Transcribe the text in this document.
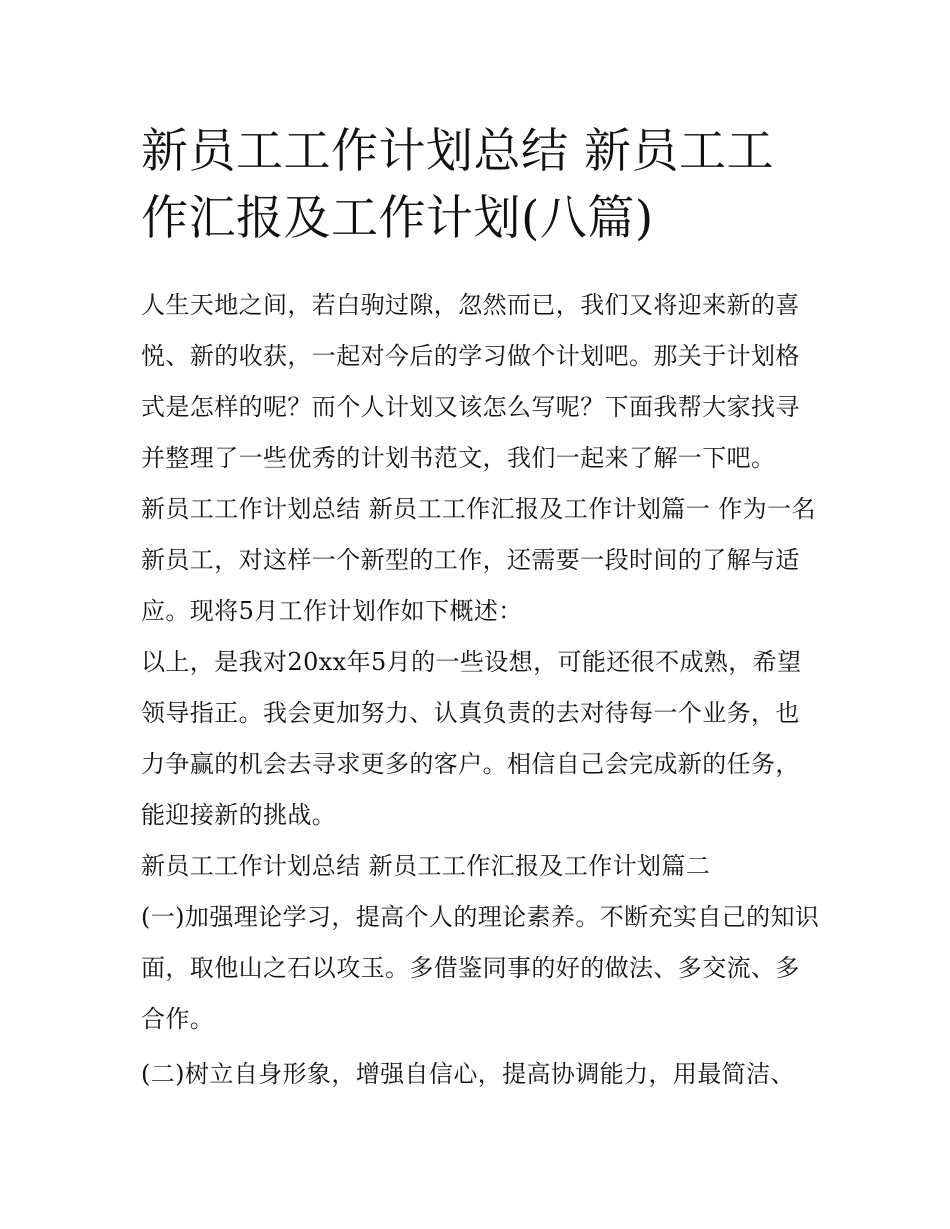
新员工工作计划总结 新员工工作汇报及工作计划(八篇)

人生天地之间，若白驹过隙，忽然而已，我们又将迎来新的喜悦、新的收获，一起对今后的学习做个计划吧。那关于计划格式是怎样的呢？而个人计划又该怎么写呢？下面我帮大家找寻并整理了一些优秀的计划书范文，我们一起来了解一下吧。

新员工工作计划总结 新员工工作汇报及工作计划篇一 作为一名新员工，对这样一个新型的工作，还需要一段时间的了解与适应。现将5月工作计划作如下概述：

以上，是我对20xx年5月的一些设想，可能还很不成熟，希望领导指正。我会更加努力、认真负责的去对待每一个业务，也力争赢的机会去寻求更多的客户。相信自己会完成新的任务，能迎接新的挑战。

新员工工作计划总结 新员工工作汇报及工作计划篇二

(一)加强理论学习，提高个人的理论素养。不断充实自己的知识面，取他山之石以攻玉。多借鉴同事的好的做法、多交流、多合作。

(二)树立自身形象，增强自信心，提高协调能力，用最简洁、
